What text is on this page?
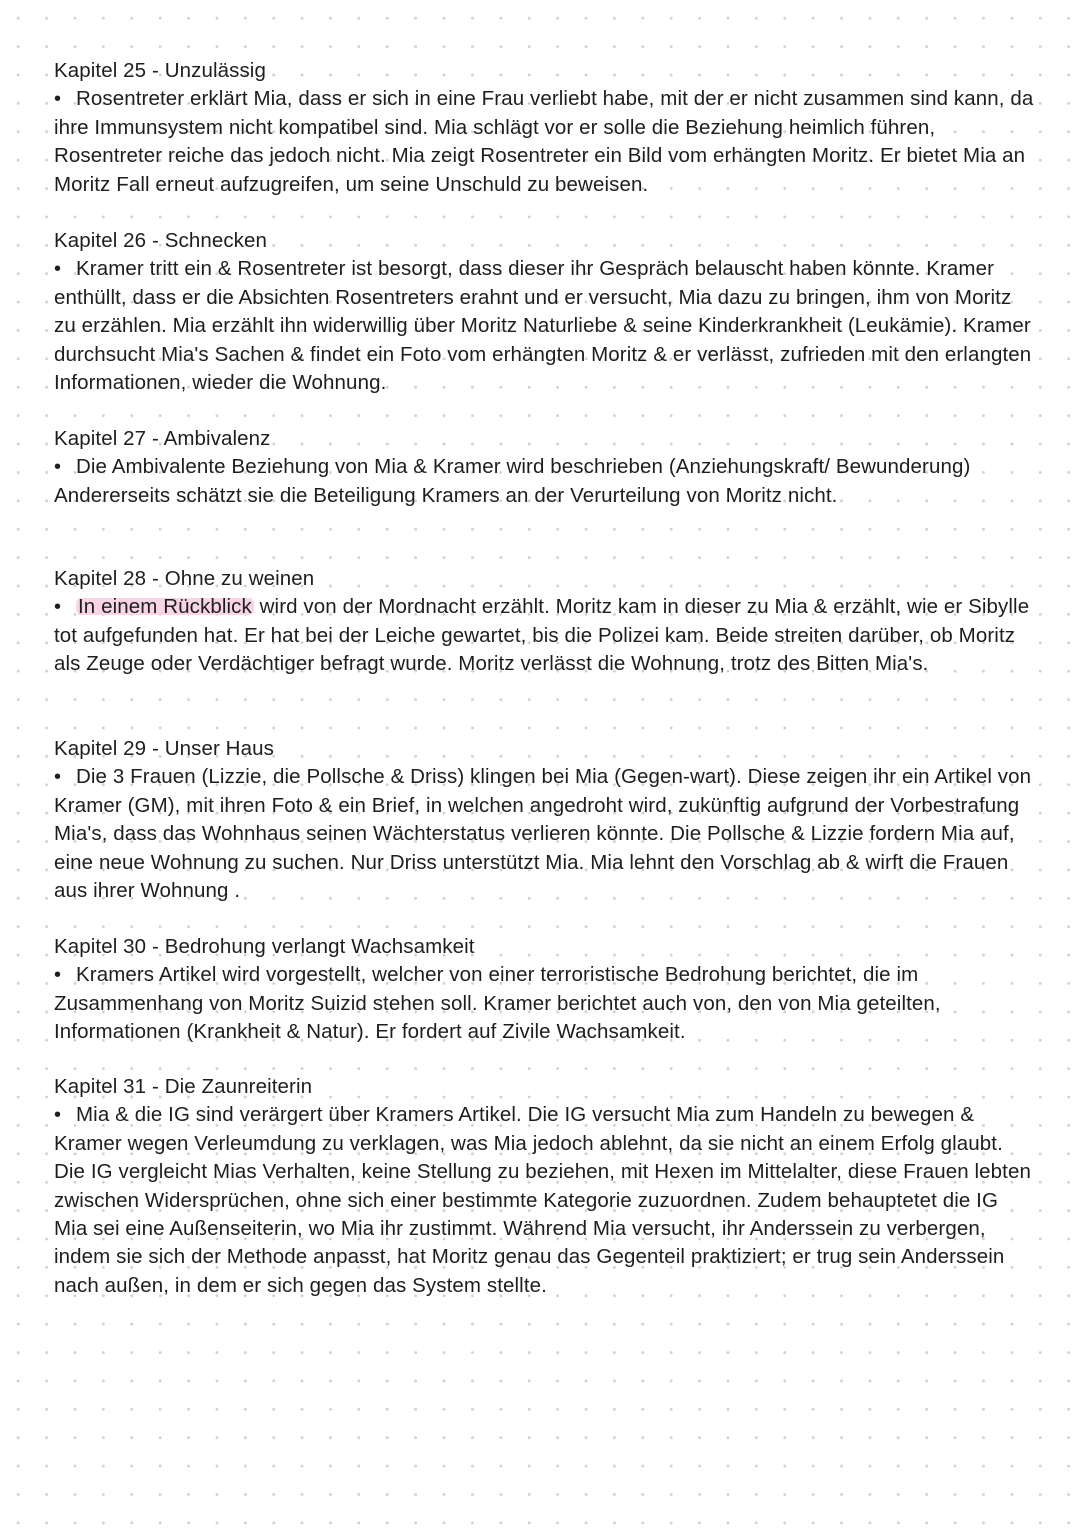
Kapitel 25 - Unzulässig
• Rosentreter erklärt Mia, dass er sich in eine Frau verliebt habe, mit der er nicht zusammen sind kann, da ihre Immunsystem nicht kompatibel sind. Mia schlägt vor er solle die Beziehung heimlich führen, Rosentreter reiche das jedoch nicht. Mia zeigt Rosentreter ein Bild vom erhängten Moritz. Er bietet Mia an Moritz Fall erneut aufzugreifen, um seine Unschuld zu beweisen.
Kapitel 26 - Schnecken
• Kramer tritt ein & Rosentreter ist besorgt, dass dieser ihr Gespräch belauscht haben könnte. Kramer enthüllt, dass er die Absichten Rosentreters erahnt und er versucht, Mia dazu zu bringen, ihm von Moritz zu erzählen. Mia erzählt ihn widerwillig über Moritz Naturliebe & seine Kinderkrankheit (Leukämie). Kramer durchsucht Mia's Sachen & findet ein Foto vom erhängten Moritz & er verlässt, zufrieden mit den erlangten Informationen, wieder die Wohnung.
Kapitel 27 - Ambivalenz
• Die Ambivalente Beziehung von Mia & Kramer wird beschrieben (Anziehungskraft/ Bewunderung) Andererseits schätzt sie die Beteiligung Kramers an der Verurteilung von Moritz nicht.
Kapitel 28 - Ohne zu weinen
• In einem Rückblick wird von der Mordnacht erzählt. Moritz kam in dieser zu Mia & erzählt, wie er Sibylle tot aufgefunden hat. Er hat bei der Leiche gewartet, bis die Polizei kam. Beide streiten darüber, ob Moritz als Zeuge oder Verdächtiger befragt wurde. Moritz verlässt die Wohnung, trotz des Bitten Mia's.
Kapitel 29 - Unser Haus
• Die 3 Frauen (Lizzie, die Pollsche & Driss) klingen bei Mia (Gegen-wart). Diese zeigen ihr ein Artikel von Kramer (GM), mit ihren Foto & ein Brief, in welchen angedroht wird, zukünftig aufgrund der Vorbestrafung Mia's, dass das Wohnhaus seinen Wächterstatus verlieren könnte. Die Pollsche & Lizzie fordern Mia auf, eine neue Wohnung zu suchen. Nur Driss unterstützt Mia. Mia lehnt den Vorschlag ab & wirft die Frauen aus ihrer Wohnung .
Kapitel 30 - Bedrohung verlangt Wachsamkeit
• Kramers Artikel wird vorgestellt, welcher von einer terroristische Bedrohung berichtet, die im Zusammenhang von Moritz Suizid stehen soll. Kramer berichtet auch von, den von Mia geteilten, Informationen (Krankheit & Natur). Er fordert auf Zivile Wachsamkeit.
Kapitel 31 - Die Zaunreiterin
• Mia & die IG sind verärgert über Kramers Artikel. Die IG versucht Mia zum Handeln zu bewegen & Kramer wegen Verleumdung zu verklagen, was Mia jedoch ablehnt, da sie nicht an einem Erfolg glaubt. Die IG vergleicht Mias Verhalten, keine Stellung zu beziehen, mit Hexen im Mittelalter, diese Frauen lebten zwischen Widersprüchen, ohne sich einer bestimmte Kategorie zuzuordnen. Zudem behauptetet die IG Mia sei eine Außenseiterin, wo Mia ihr zustimmt. Während Mia versucht, ihr Anderssein zu verbergen, indem sie sich der Methode anpasst, hat Moritz genau das Gegenteil praktiziert; er trug sein Anderssein nach außen, in dem er sich gegen das System stellte.
